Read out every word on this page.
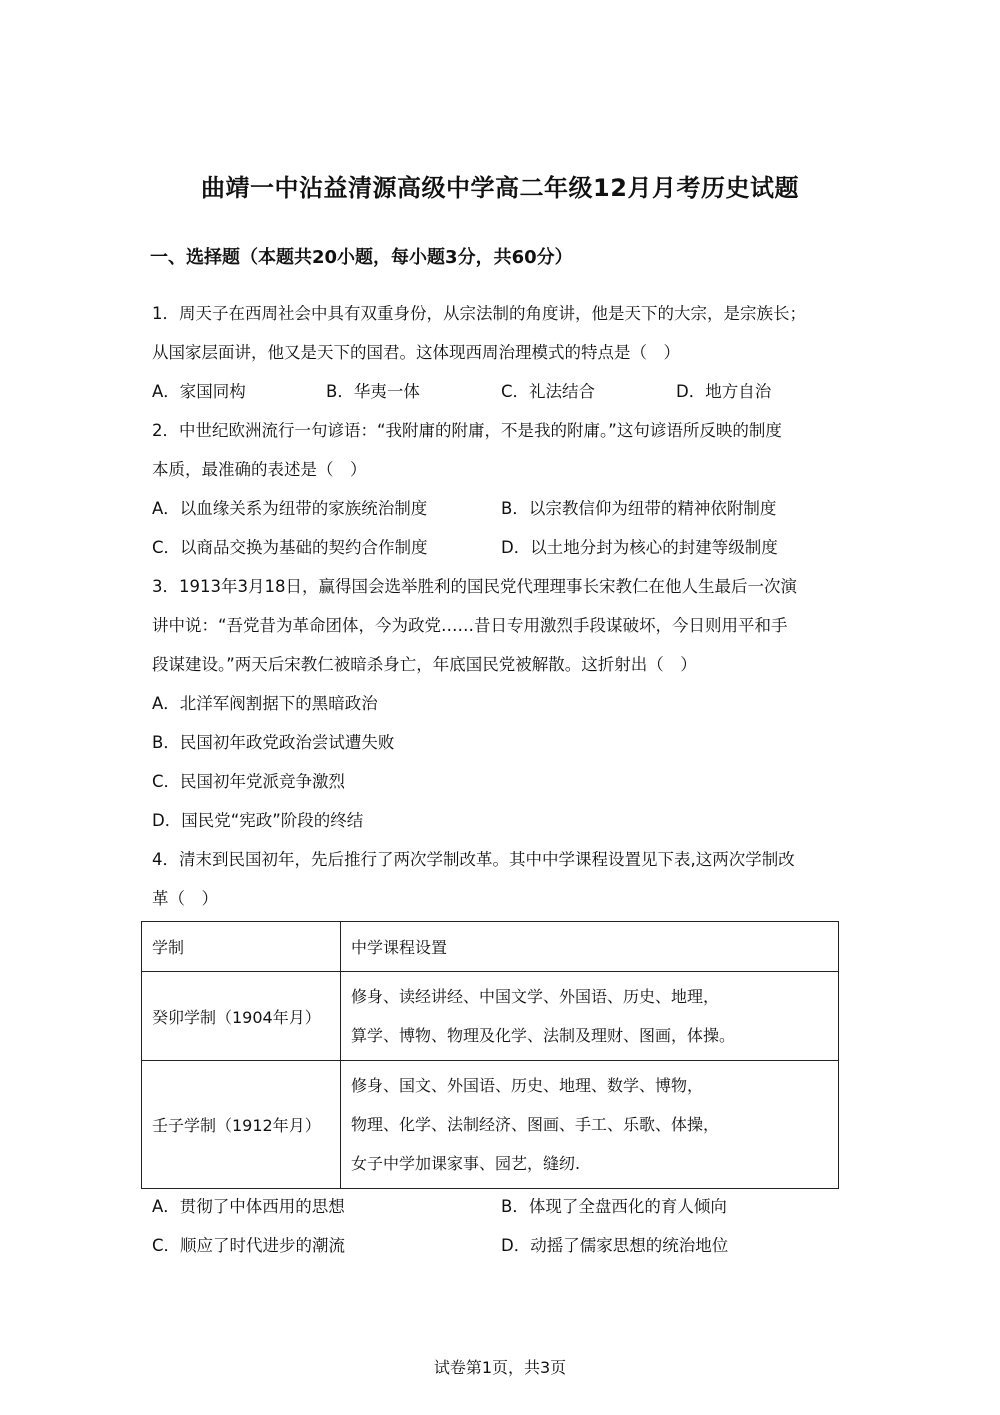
曲靖一中沾益清源高级中学高二年级12月月考历史试题
一、选择题（本题共20小题，每小题3分，共60分）
1．周天子在西周社会中具有双重身份，从宗法制的角度讲，他是天下的大宗，是宗族长；
从国家层面讲，他又是天下的国君。这体现西周治理模式的特点是（　）
A．家国同构	B．华夷一体	C．礼法结合	D．地方自治
2．中世纪欧洲流行一句谚语：“我附庸的附庸，不是我的附庸。”这句谚语所反映的制度
本质，最准确的表述是（　）
A．以血缘关系为纽带的家族统治制度	B．以宗教信仰为纽带的精神依附制度
C．以商品交换为基础的契约合作制度	D．以土地分封为核心的封建等级制度
3．1913年3月18日，赢得国会选举胜利的国民党代理理事长宋教仁在他人生最后一次演
讲中说：“吾党昔为革命团体，今为政党……昔日专用激烈手段谋破坏，今日则用平和手
段谋建设。”两天后宋教仁被暗杀身亡，年底国民党被解散。这折射出（　）
A．北洋军阀割据下的黑暗政治
B．民国初年政党政治尝试遭失败
C．民国初年党派竞争激烈
D．国民党“宪政”阶段的终结
4．清末到民国初年，先后推行了两次学制改革。其中中学课程设置见下表,这两次学制改
革（　）
学制	中学课程设置
癸卯学制（1904年月）	修身、读经讲经、中国文学、外国语、历史、地理，
算学、博物、物理及化学、法制及理财、图画，体操。

壬子学制（1912年月）	修身、国文、外国语、历史、地理、数学、博物，
物理、化学、法制经济、图画、手工、乐歌、体操，
女子中学加课家事、园艺，缝纫.
A．贯彻了中体西用的思想	B．体现了全盘西化的育人倾向
C．顺应了时代进步的潮流	D．动摇了儒家思想的统治地位
试卷第1页，共3页
